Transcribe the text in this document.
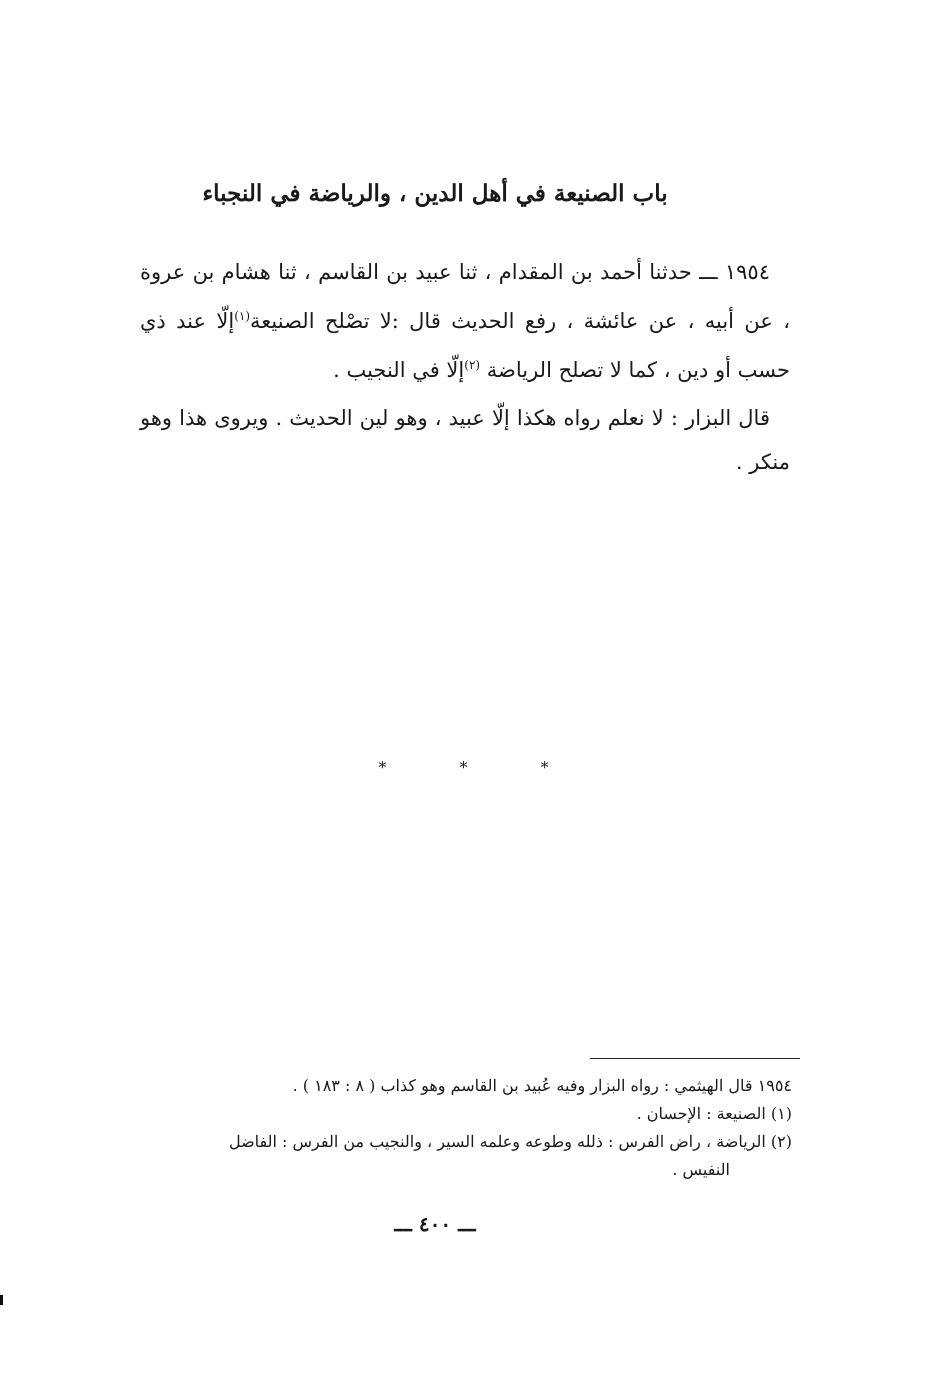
باب الصنيعة في أهل الدين ، والرياضة في النجباء

١٩٥٤ ـــ حدثنا أحمد بن المقدام ، ثنا عبيد بن القاسم ، ثنا هشام بن عروة ، عن أبيه ، عن عائشة ، رفع الحديث قال :لا تصْلح الصنيعة$^{(١)}$إلّا عند ذي حسب أو دين ، كما لا تصلح الرياضة $^{(٢)}$إلّا في النجيب .

قال البزار : لا نعلم رواه هكذا إلّا عبيد ، وهو لين الحديث . ويروى هذا وهو منكر .

* * *

١٩٥٤ قال الهيثمي : رواه البزار وفيه عُبيد بن القاسم وهو كذاب ( ٨ : ١٨٣ ) .

(١) الصنيعة : الإحسان .

(٢) الرياضة ، راض الفرس : ذلله وطوعه وعلمه السير ، والنجيب من الفرس : الفاضل

النفيس .

ـــ ٤٠٠ ـــ
